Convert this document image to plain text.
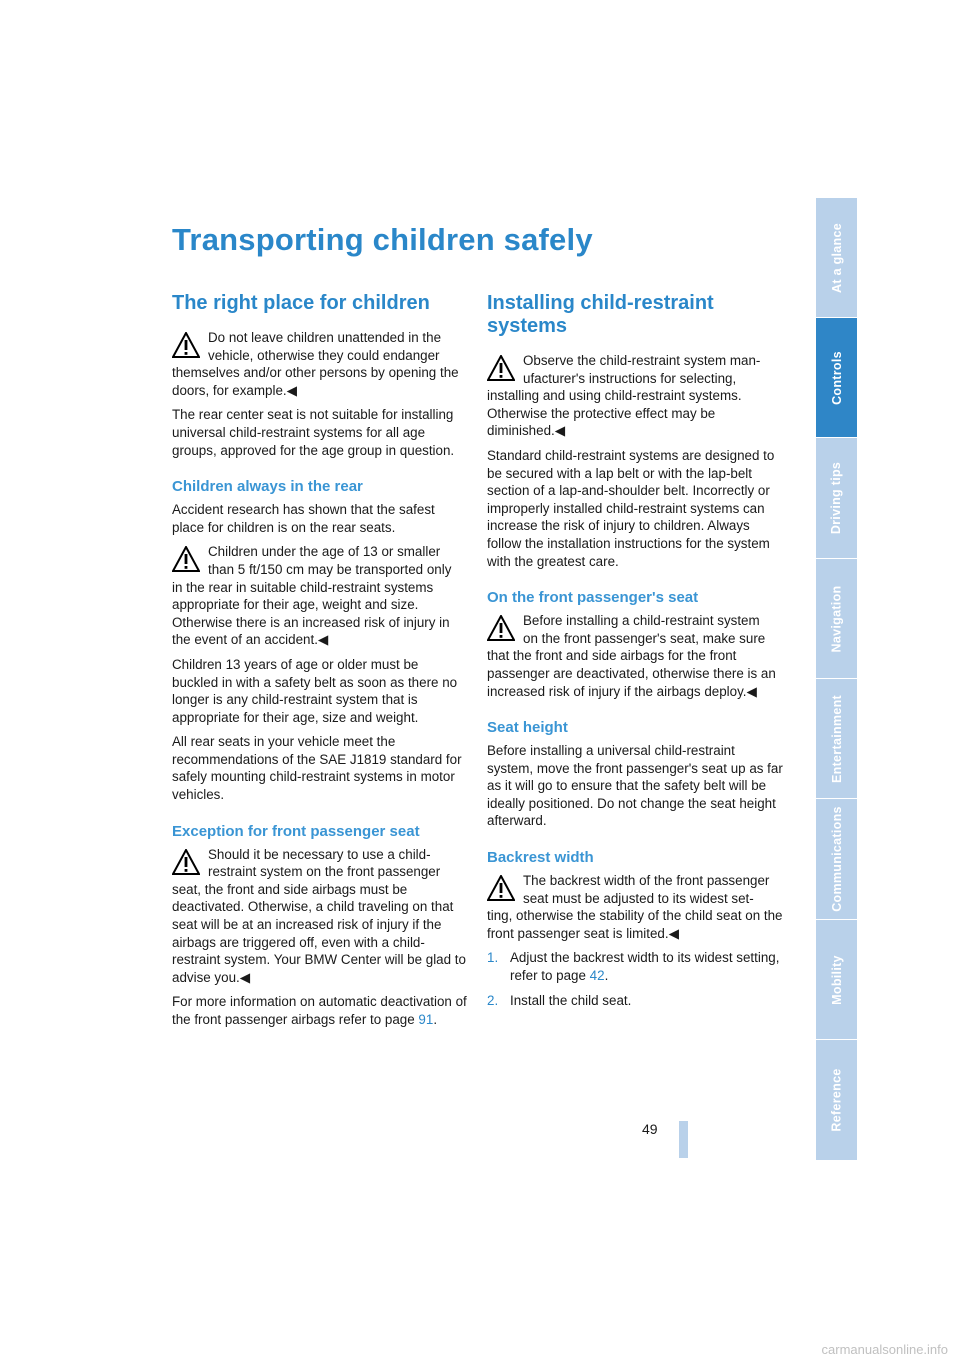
Transporting children safely
The right place for children

Do not leave children unattended in the
vehicle, otherwise they could endanger
themselves and/or other persons by opening the doors, for example.◀

The rear center seat is not suitable for installing universal child-restraint systems for all age groups, approved for the age group in question.

Children always in the rear

Accident research has shown that the safest place for children is on the rear seats.

Children under the age of 13 or smaller
than 5 ft/150 cm may be transported only
in the rear in suitable child-restraint systems appropriate for their age, weight and size. Otherwise there is an increased risk of injury in the event of an accident.◀

Children 13 years of age or older must be buckled in with a safety belt as soon as there no longer is any child-restraint system that is appropriate for their age, size and weight.

All rear seats in your vehicle meet the recommendations of the SAE J1819 standard for safely mounting child-restraint systems in motor vehicles.

Exception for front passenger seat

Should it be necessary to use a child-
restraint system on the front passenger
seat, the front and side airbags must be deactivated. Otherwise, a child traveling on that seat will be at an increased risk of injury if the airbags are triggered off, even with a child-restraint system. Your BMW Center will be glad to advise you.◀

For more information on automatic deactivation of the front passenger airbags refer to page 91.

Installing child-restraint systems

Observe the child-restraint system man-
ufacturer's instructions for selecting,
installing and using child-restraint systems. Otherwise the protective effect may be diminished.◀

Standard child-restraint systems are designed to be secured with a lap belt or with the lap-belt section of a lap-and-shoulder belt. Incorrectly or improperly installed child-restraint systems can increase the risk of injury to children. Always follow the installation instructions for the system with the greatest care.

On the front passenger's seat

Before installing a child-restraint system
on the front passenger's seat, make sure
that the front and side airbags for the front passenger are deactivated, otherwise there is an increased risk of injury if the airbags deploy.◀

Seat height

Before installing a universal child-restraint system, move the front passenger's seat up as far as it will go to ensure that the safety belt will be ideally positioned. Do not change the seat height afterward.

Backrest width

The backrest width of the front passenger
seat must be adjusted to its widest set-
ting, otherwise the stability of the child seat on the front passenger seat is limited.◀

1. Adjust the backrest width to its widest setting, refer to page 42.

2. Install the child seat.

At a glance
Controls
Driving tips
Navigation
Entertainment
Communications
Mobility
Reference
49
carmanualsonline.info
